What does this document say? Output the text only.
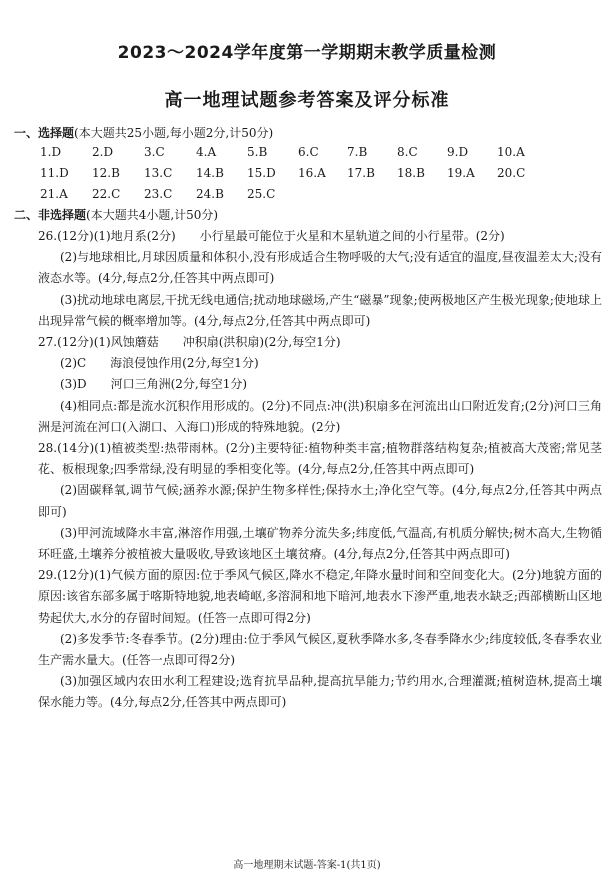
2023～2024学年度第一学期期末教学质量检测
高一地理试题参考答案及评分标准
一、选择题(本大题共25小题,每小题2分,计50分)
1.D	2.D	3.C	4.A	5.B	6.C 7.B 8.C 9.D 10.A
11.D 12.B 13.C 14.B 15.D 16.A 17.B 18.B 19.A 20.C
21.A 22.C 23.C 24.B 25.C
二、非选择题(本大题共4小题,计50分)

26.(12分)(1)地月系(2分)　　小行星最可能位于火星和木星轨道之间的小行星带。(2分)

(2)与地球相比,月球因质量和体积小,没有形成适合生物呼吸的大气;没有适宜的温度,昼夜温差太大;没有液态水等。(4分,每点2分,任答其中两点即可)

(3)扰动地球电离层,干扰无线电通信;扰动地球磁场,产生“磁暴”现象;使两极地区产生极光现象;使地球上出现异常气候的概率增加等。(4分,每点2分,任答其中两点即可)

27.(12分)(1)风蚀蘑菇　　冲积扇(洪积扇)(2分,每空1分)

(2)C　　海浪侵蚀作用(2分,每空1分)

(3)D　　河口三角洲(2分,每空1分)

(4)相同点:都是流水沉积作用形成的。(2分)不同点:冲(洪)积扇多在河流出山口附近发育;(2分)河口三角洲是河流在河口(入湖口、入海口)形成的特殊地貌。(2分)

28.(14分)(1)植被类型:热带雨林。(2分)主要特征:植物种类丰富;植物群落结构复杂;植被高大茂密;常见茎花、板根现象;四季常绿,没有明显的季相变化等。(4分,每点2分,任答其中两点即可)

(2)固碳释氧,调节气候;涵养水源;保护生物多样性;保持水土;净化空气等。(4分,每点2分,任答其中两点即可)

(3)甲河流域降水丰富,淋溶作用强,土壤矿物养分流失多;纬度低,气温高,有机质分解快;树木高大,生物循环旺盛,土壤养分被植被大量吸收,导致该地区土壤贫瘠。(4分,每点2分,任答其中两点即可)

29.(12分)(1)气候方面的原因:位于季风气候区,降水不稳定,年降水量时间和空间变化大。(2分)地貌方面的原因:该省东部多属于喀斯特地貌,地表崎岖,多溶洞和地下暗河,地表水下渗严重,地表水缺乏;西部横断山区地势起伏大,水分的存留时间短。(任答一点即可得2分)

(2)多发季节:冬春季节。(2分)理由:位于季风气候区,夏秋季降水多,冬春季降水少;纬度较低,冬春季农业生产需水量大。(任答一点即可得2分)

(3)加强区域内农田水利工程建设;选育抗旱品种,提高抗旱能力;节约用水,合理灌溉;植树造林,提高土壤保水能力等。(4分,每点2分,任答其中两点即可)

高一地理期末试题-答案-1(共1页)
